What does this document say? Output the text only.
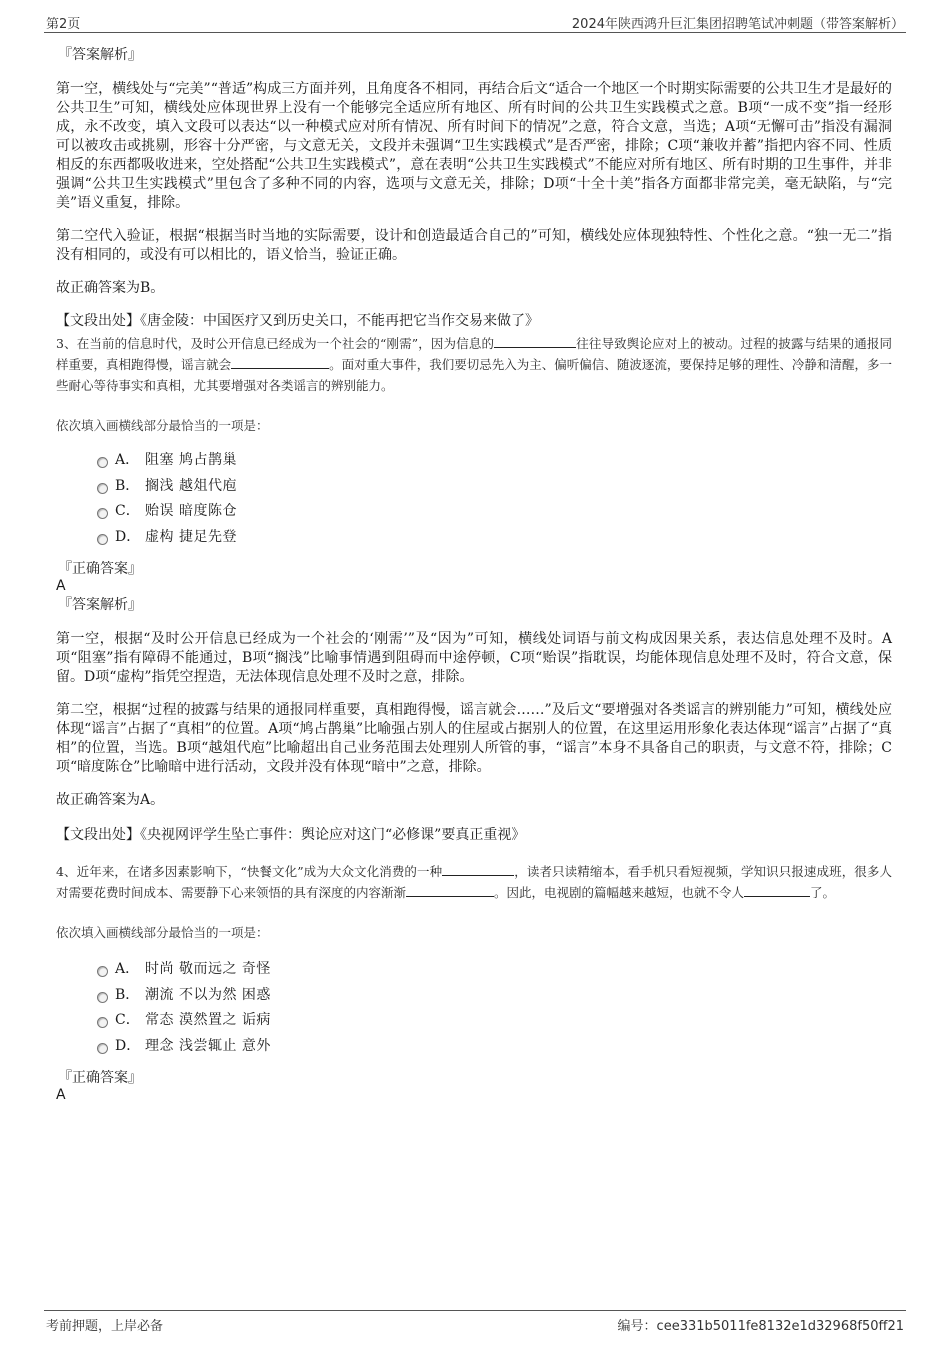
第2页	2024年陕西鸿升巨汇集团招聘笔试冲刺题（带答案解析）
『答案解析』

第一空，横线处与“完美”“普适”构成三方面并列，且角度各不相同，再结合后文“适合一个地区一个时期实际需要的公共卫生才是最好的公共卫生”可知，横线处应体现世界上没有一个能够完全适应所有地区、所有时间的公共卫生实践模式之意。B项“一成不变”指一经形成，永不改变，填入文段可以表达“以一种模式应对所有情况、所有时间下的情况”之意，符合文意，当选；A项“无懈可击”指没有漏洞可以被攻击或挑剔，形容十分严密，与文意无关，文段并未强调“卫生实践模式”是否严密，排除；C项“兼收并蓄”指把内容不同、性质相反的东西都吸收进来，空处搭配“公共卫生实践模式”，意在表明“公共卫生实践模式”不能应对所有地区、所有时期的卫生事件，并非强调“公共卫生实践模式”里包含了多种不同的内容，选项与文意无关，排除；D项“十全十美”指各方面都非常完美，毫无缺陷，与“完美”语义重复，排除。

第二空代入验证，根据“根据当时当地的实际需要，设计和创造最适合自己的”可知，横线处应体现独特性、个性化之意。“独一无二”指没有相同的，或没有可以相比的，语义恰当，验证正确。

故正确答案为B。

【文段出处】《唐金陵：中国医疗又到历史关口，不能再把它当作交易来做了》

3、在当前的信息时代，及时公开信息已经成为一个社会的“刚需”，因为信息的	往往导致舆论应对上的被动。过程的披露与结果的通报同样重要，真相跑得慢，谣言就会	。面对重大事件，我们要切忌先入为主、偏听偏信、随波逐流，要保持足够的理性、冷静和清醒，多一些耐心等待事实和真相，尤其要增强对各类谣言的辨别能力。

依次填入画横线部分最恰当的一项是：
A． 阻塞 鸠占鹊巢
B． 搁浅 越俎代庖
C． 贻误 暗度陈仓
D． 虚构 捷足先登
『正确答案』
A
『答案解析』

第一空，根据“及时公开信息已经成为一个社会的‘刚需’”及“因为”可知，横线处词语与前文构成因果关系，表达信息处理不及时。A项“阻塞”指有障碍不能通过，B项“搁浅”比喻事情遇到阻碍而中途停顿，C项“贻误”指耽误，均能体现信息处理不及时，符合文意，保留。D项“虚构”指凭空捏造，无法体现信息处理不及时之意，排除。

第二空，根据“过程的披露与结果的通报同样重要，真相跑得慢，谣言就会……”及后文“要增强对各类谣言的辨别能力”可知，横线处应体现“谣言”占据了“真相”的位置。A项“鸠占鹊巢”比喻强占别人的住屋或占据别人的位置，在这里运用形象化表达体现“谣言”占据了“真相”的位置，当选。B项“越俎代庖”比喻超出自己业务范围去处理别人所管的事，“谣言”本身不具备自己的职责，与文意不符，排除；C项“暗度陈仓”比喻暗中进行活动，文段并没有体现“暗中”之意，排除。

故正确答案为A。

【文段出处】《央视网评学生坠亡事件：舆论应对这门“必修课”要真正重视》

4、近年来，在诸多因素影响下，“快餐文化”成为大众文化消费的一种	，读者只读精缩本，看手机只看短视频，学知识只报速成班，很多人对需要花费时间成本、需要静下心来领悟的具有深度的内容渐渐	。因此，电视剧的篇幅越来越短，也就不令人	了。

依次填入画横线部分最恰当的一项是：
A． 时尚 敬而远之 奇怪
B． 潮流 不以为然 困惑
C． 常态 漠然置之 诟病
D． 理念 浅尝辄止 意外
『正确答案』
A
考前押题，上岸必备	编号：cee331b5011fe8132e1d32968f50ff21
